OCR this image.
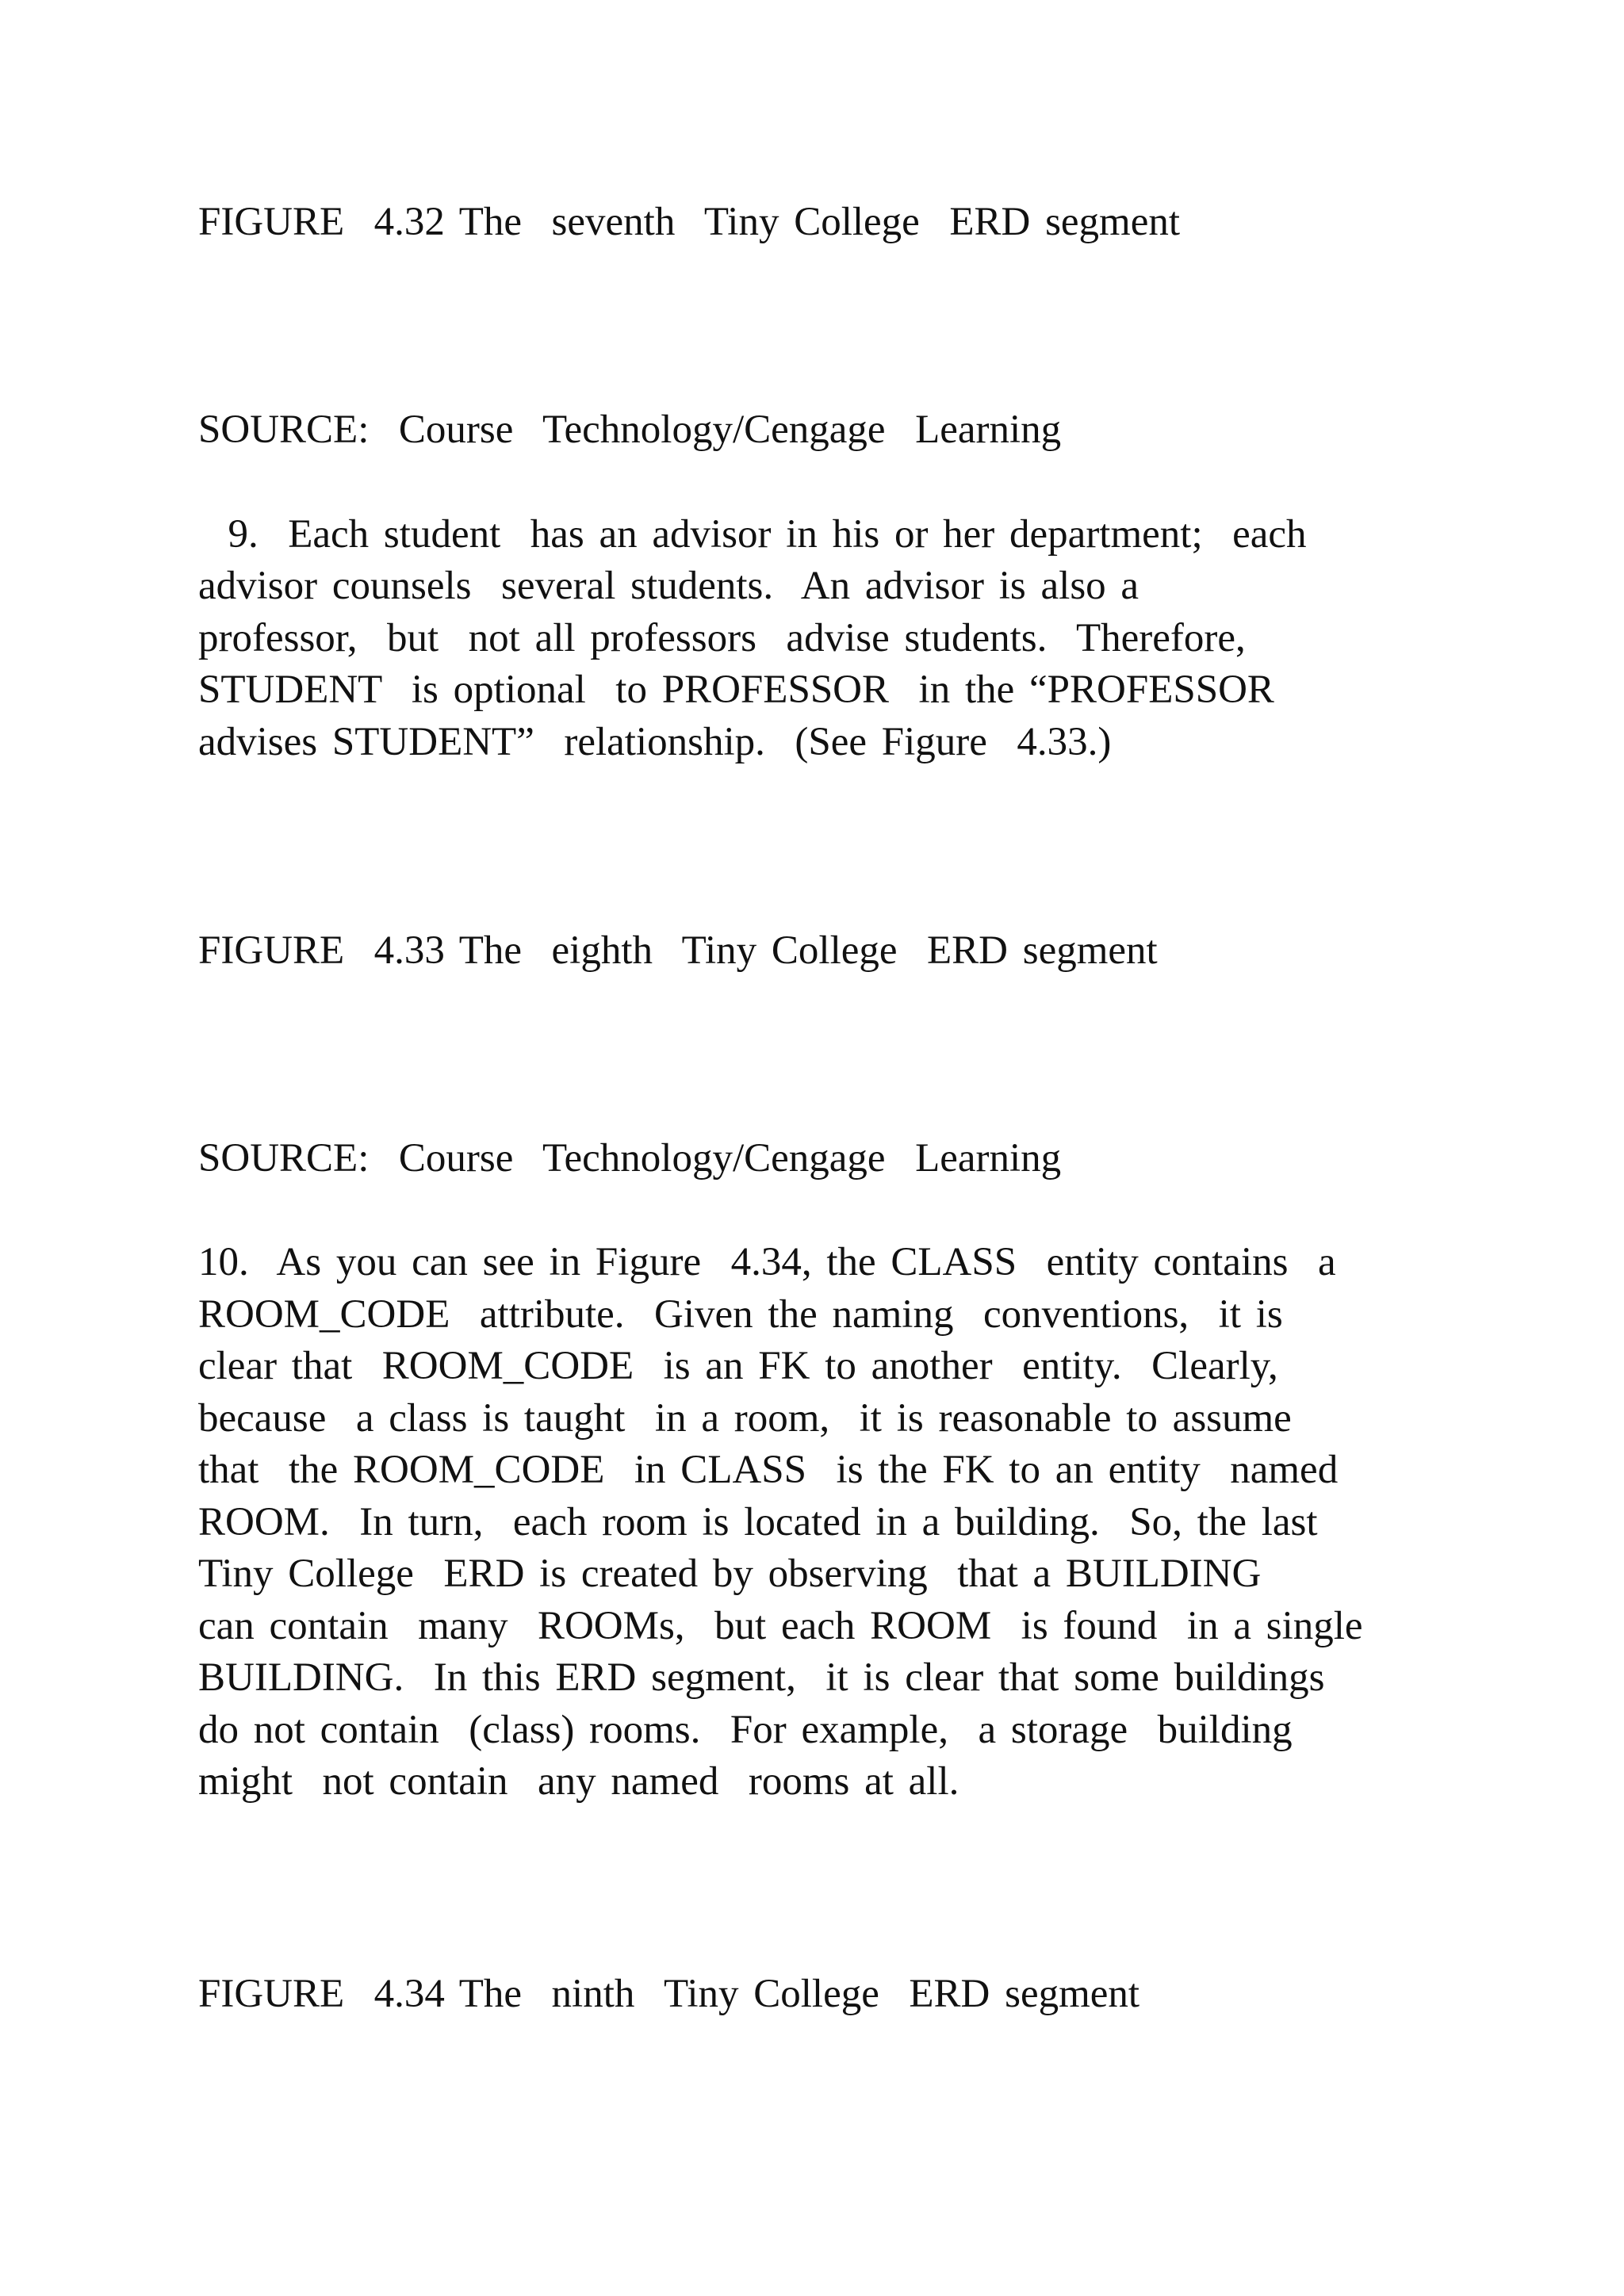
FIGURE  4.32 The  seventh  Tiny College  ERD segment
SOURCE:  Course  Technology/Cengage  Learning
9.  Each student  has an advisor in his or her department;  each
advisor counsels  several students.  An advisor is also a
professor,  but  not all professors  advise students.  Therefore,
STUDENT  is optional  to PROFESSOR  in the “PROFESSOR
advises STUDENT”  relationship.  (See Figure  4.33.)
FIGURE  4.33 The  eighth  Tiny College  ERD segment
SOURCE:  Course  Technology/Cengage  Learning
10.  As you can see in Figure  4.34, the CLASS  entity contains  a
ROOM_CODE  attribute.  Given the naming  conventions,  it is
clear that  ROOM_CODE  is an FK to another  entity.  Clearly,
because  a class is taught  in a room,  it is reasonable to assume
that  the ROOM_CODE  in CLASS  is the FK to an entity  named
ROOM.  In turn,  each room is located in a building.  So, the last
Tiny College  ERD is created by observing  that a BUILDING
can contain  many  ROOMs,  but each ROOM  is found  in a single
BUILDING.  In this ERD segment,  it is clear that some buildings
do not contain  (class) rooms.  For example,  a storage  building
might  not contain  any named  rooms at all.
FIGURE  4.34 The  ninth  Tiny College  ERD segment
